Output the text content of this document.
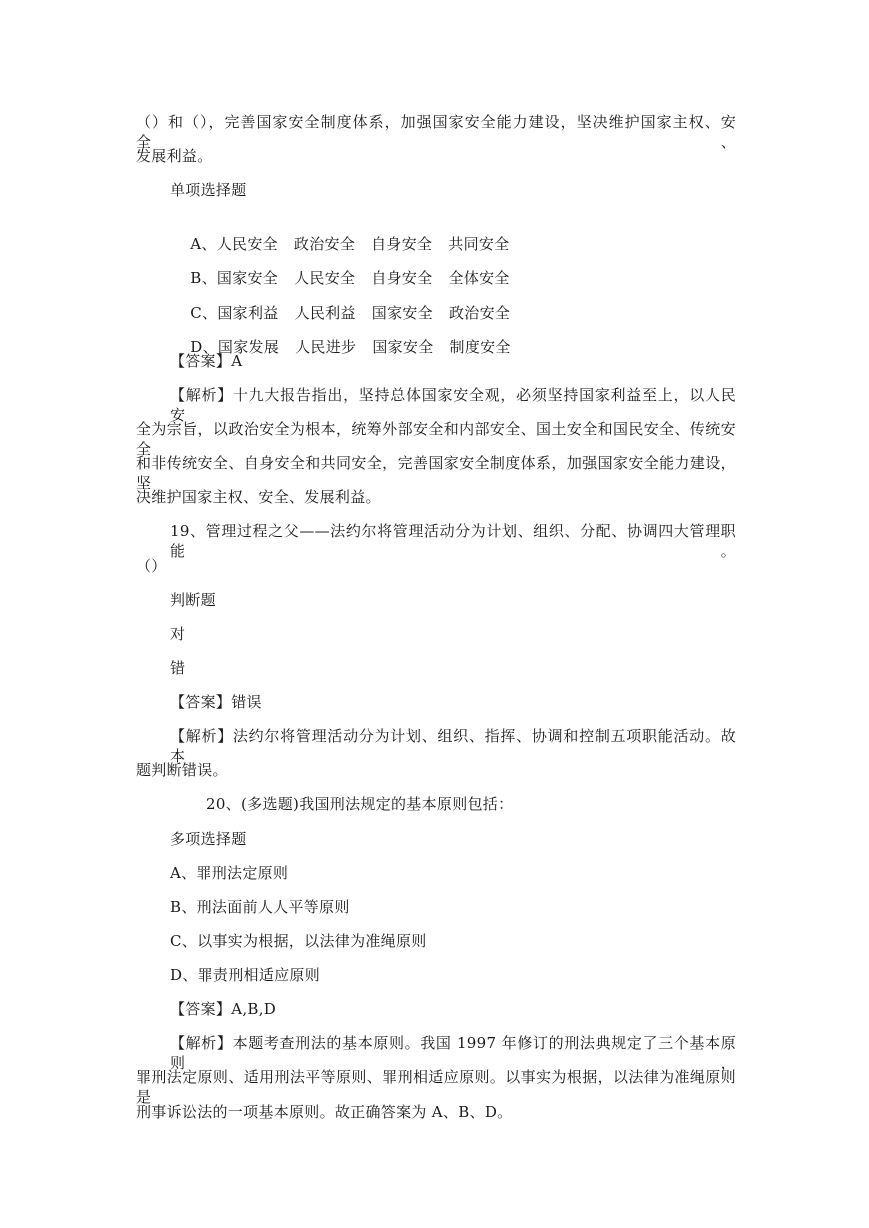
（）和（），完善国家安全制度体系，加强国家安全能力建设，坚决维护国家主权、安全、
发展利益。
单项选择题

A、人民安全 政治安全 自身安全 共同安全

B、国家安全 人民安全 自身安全 全体安全

C、国家利益 人民利益 国家安全 政治安全

D、国家发展 人民进步 国家安全 制度安全

【答案】A
【解析】十九大报告指出，坚持总体国家安全观，必须坚持国家利益至上，以人民安
全为宗旨，以政治安全为根本，统筹外部安全和内部安全、国土安全和国民安全、传统安全
和非传统安全、自身安全和共同安全，完善国家安全制度体系，加强国家安全能力建设，坚
决维护国家主权、安全、发展利益。
19、管理过程之父——法约尔将管理活动分为计划、组织、分配、协调四大管理职能。
（）
判断题
对
错
【答案】错误
【解析】法约尔将管理活动分为计划、组织、指挥、协调和控制五项职能活动。故本
题判断错误。
20、(多选题)我国刑法规定的基本原则包括：
多项选择题
A、罪刑法定原则
B、刑法面前人人平等原则
C、以事实为根据，以法律为准绳原则
D、罪责刑相适应原则
【答案】A,B,D
【解析】本题考查刑法的基本原则。我国 1997 年修订的刑法典规定了三个基本原则，
罪刑法定原则、适用刑法平等原则、罪刑相适应原则。以事实为根据，以法律为准绳原则是
刑事诉讼法的一项基本原则。故正确答案为 A、B、D。
